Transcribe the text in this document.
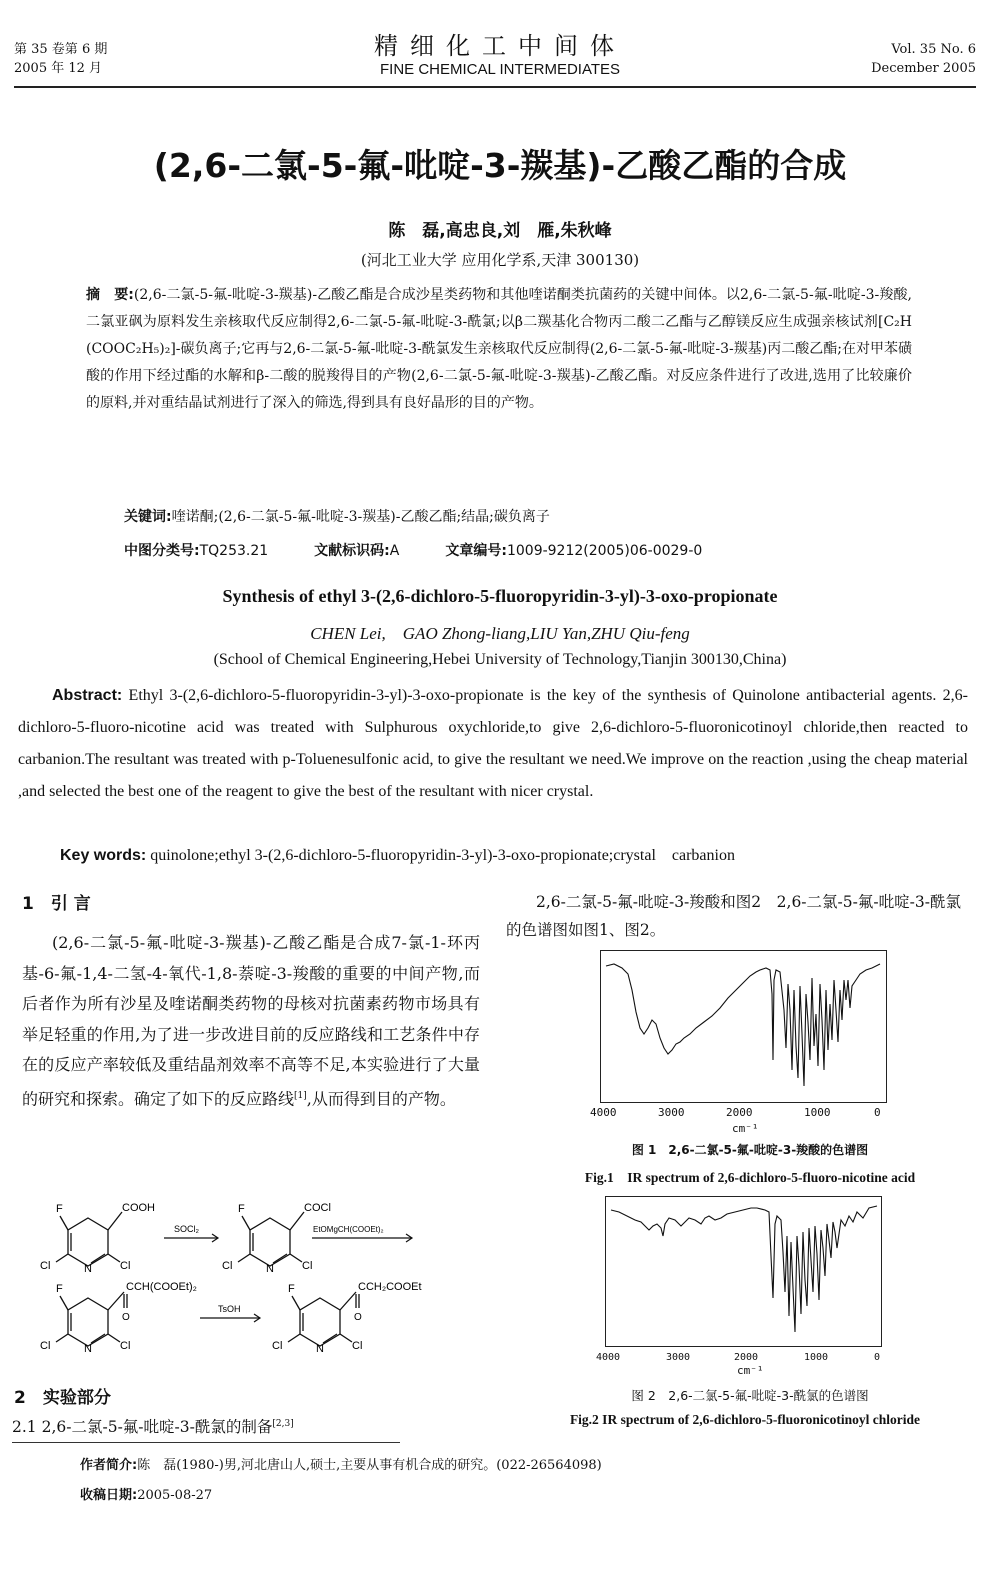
第 35 卷第 6 期
2005 年 12 月
精细化工中间体
FINE CHEMICAL INTERMEDIATES
Vol. 35 No. 6
December 2005
(2,6-二氯-5-氟-吡啶-3-羰基)-乙酸乙酯的合成
陈　磊,高忠良,刘　雁,朱秋峰
(河北工业大学 应用化学系,天津 300130)
摘　要:(2,6-二氯-5-氟-吡啶-3-羰基)-乙酸乙酯是合成沙星类药物和其他喹诺酮类抗菌药的关键中间体。以2,6-二氯-5-氟-吡啶-3-羧酸,二氯亚砜为原料发生亲核取代反应制得2,6-二氯-5-氟-吡啶-3-酰氯;以β二羰基化合物丙二酸二乙酯与乙醇镁反应生成强亲核试剂[C₂H (COOC₂H₅)₂]-碳负离子;它再与2,6-二氯-5-氟-吡啶-3-酰氯发生亲核取代反应制得(2,6-二氯-5-氟-吡啶-3-羰基)丙二酸乙酯;在对甲苯磺酸的作用下经过酯的水解和β-二酸的脱羧得目的产物(2,6-二氯-5-氟-吡啶-3-羰基)-乙酸乙酯。对反应条件进行了改进,选用了比较廉价的原料,并对重结晶试剂进行了深入的筛选,得到具有良好晶形的目的产物。
关键词:喹诺酮;(2,6-二氯-5-氟-吡啶-3-羰基)-乙酸乙酯;结晶;碳负离子
中图分类号:TQ253.21	文献标识码:A	文章编号:1009-9212(2005)06-0029-0
Synthesis of ethyl 3-(2,6-dichloro-5-fluoropyridin-3-yl)-3-oxo-propionate
CHEN Lei,　GAO Zhong-liang,LIU Yan,ZHU Qiu-feng
(School of Chemical Engineering,Hebei University of Technology,Tianjin 300130,China)
Abstract: Ethyl 3-(2,6-dichloro-5-fluoropyridin-3-yl)-3-oxo-propionate is the key of the synthesis of Quinolone antibacterial agents. 2,6-dichloro-5-fluoro-nicotine acid was treated with Sulphurous oxychloride,to give 2,6-dichloro-5-fluoronicotinoyl chloride,then reacted to carbanion.The resultant was treated with p-Toluenesulfonic acid, to give the resultant we need.We improve on the reaction ,using the cheap material ,and selected the best one of the reagent to give the best of the resultant with nicer crystal.
Key words: quinolone;ethyl 3-(2,6-dichloro-5-fluoropyridin-3-yl)-3-oxo-propionate;crystal　carbanion
1　引 言
(2,6-二氯-5-氟-吡啶-3-羰基)-乙酸乙酯是合成7-氯-1-环丙基-6-氟-1,4-二氢-4-氧代-1,8-萘啶-3-羧酸的重要的中间产物,而后者作为所有沙星及喹诺酮类药物的母核对抗菌素药物市场具有举足轻重的作用,为了进一步改进目前的反应路线和工艺条件中存在的反应产率较低及重结晶剂效率不高等不足,本实验进行了大量的研究和探索。确定了如下的反应路线[1],从而得到目的产物。
F	COOH
Cl	N	Cl
SOCl₂
F	COCl
Cl	N	Cl
EtOMgCH(COOEt)₂
F	CCH(COOEt)₂
O
Cl	N	Cl
TsOH
F	CCH₂COOEt
O
Cl	N	Cl
2,6-二氯-5-氟-吡啶-3-羧酸和图2　2,6-二氯-5-氟-吡啶-3-酰氯的色谱图如图1、图2。
4000	3000	2000	1000	0
cm⁻¹
图 1　2,6-二氯-5-氟-吡啶-3-羧酸的色谱图
Fig.1　IR spectrum of 2,6-dichloro-5-fluoro-nicotine acid
4000	3000	2000	1000	0
cm⁻¹
图 2　2,6-二氯-5-氟-吡啶-3-酰氯的色谱图
Fig.2 IR spectrum of 2,6-dichloro-5-fluoronicotinoyl chloride
2　实验部分
2.1 2,6-二氯-5-氟-吡啶-3-酰氯的制备[2,3]
作者简介:陈　磊(1980-)男,河北唐山人,硕士,主要从事有机合成的研究。(022-26564098)
收稿日期:2005-08-27
